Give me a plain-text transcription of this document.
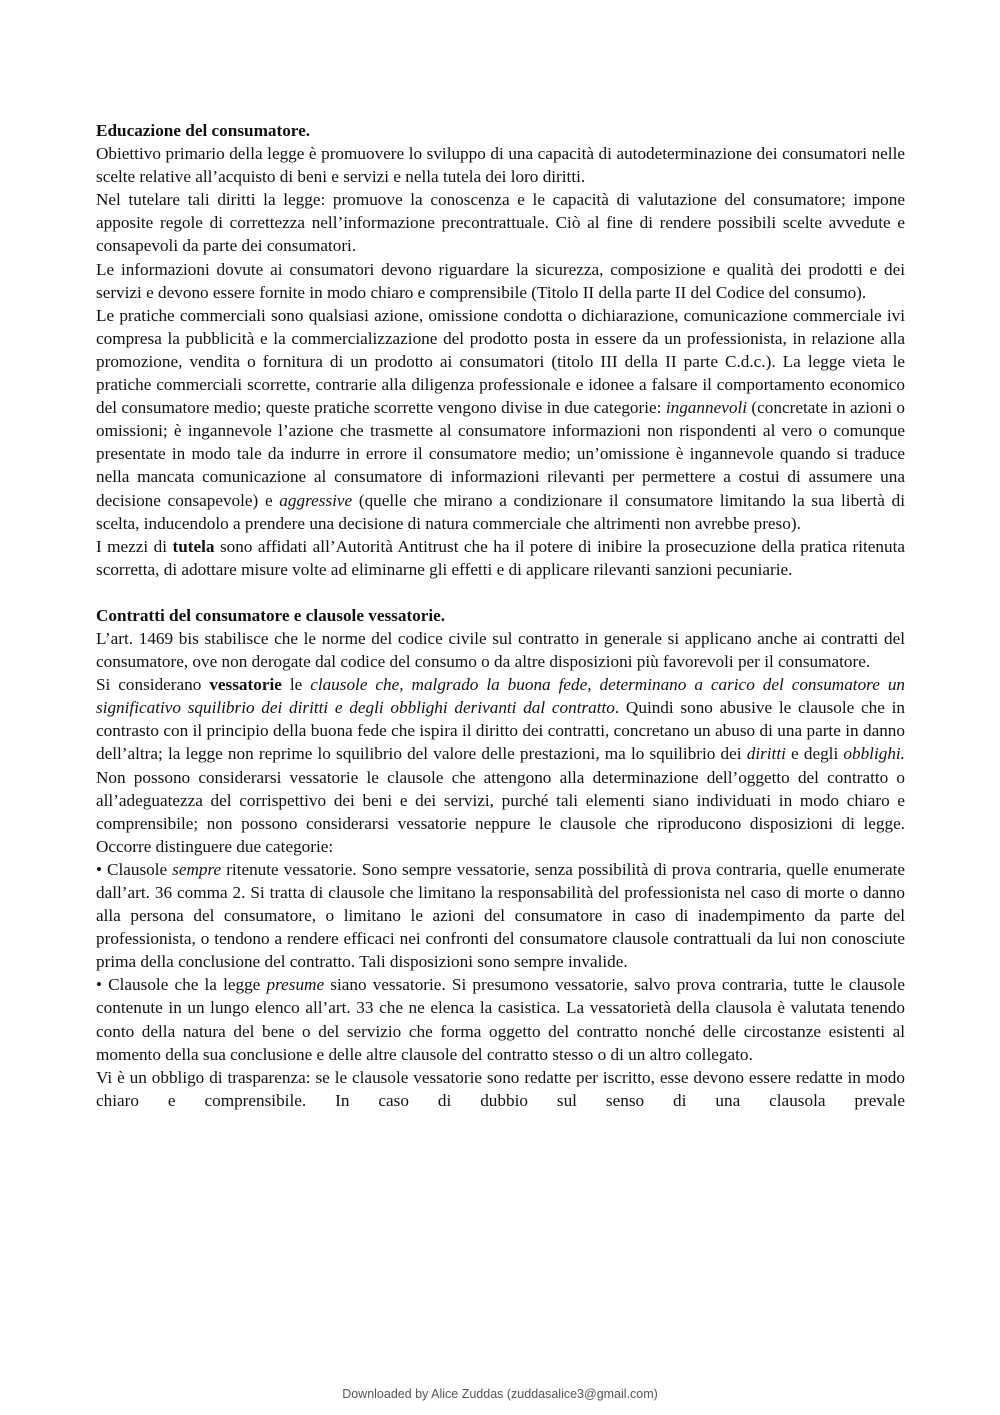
Educazione del consumatore.

Obiettivo primario della legge è promuovere lo sviluppo di una capacità di autodeterminazione dei consumatori nelle scelte relative all’acquisto di beni e servizi e nella tutela dei loro diritti.

Nel tutelare tali diritti la legge: promuove la conoscenza e le capacità di valutazione del consumatore; impone apposite regole di correttezza nell’informazione precontrattuale. Ciò al fine di rendere possibili scelte avvedute e consapevoli da parte dei consumatori.

Le informazioni dovute ai consumatori devono riguardare la sicurezza, composizione e qualità dei prodotti e dei servizi e devono essere fornite in modo chiaro e comprensibile (Titolo II della parte II del Codice del consumo).

Le pratiche commerciali sono qualsiasi azione, omissione condotta o dichiarazione, comunicazione commerciale ivi compresa la pubblicità e la commercializzazione del prodotto posta in essere da un professionista, in relazione alla promozione, vendita o fornitura di un prodotto ai consumatori (titolo III della II parte C.d.c.). La legge vieta le pratiche commerciali scorrette, contrarie alla diligenza professionale e idonee a falsare il comportamento economico del consumatore medio; queste pratiche scorrette vengono divise in due categorie: ingannevoli (concretate in azioni o omissioni; è ingannevole l’azione che trasmette al consumatore informazioni non rispondenti al vero o comunque presentate in modo tale da indurre in errore il consumatore medio; un’omissione è ingannevole quando si traduce nella mancata comunicazione al consumatore di informazioni rilevanti per permettere a costui di assumere una decisione consapevole) e aggressive (quelle che mirano a condizionare il consumatore limitando la sua libertà di scelta, inducendolo a prendere una decisione di natura commerciale che altrimenti non avrebbe preso).

I mezzi di tutela sono affidati all’Autorità Antitrust che ha il potere di inibire la prosecuzione della pratica ritenuta scorretta, di adottare misure volte ad eliminarne gli effetti e di applicare rilevanti sanzioni pecuniarie.

Contratti del consumatore e clausole vessatorie.

L’art. 1469 bis stabilisce che le norme del codice civile sul contratto in generale si applicano anche ai contratti del consumatore, ove non derogate dal codice del consumo o da altre disposizioni più favorevoli per il consumatore.

Si considerano vessatorie le clausole che, malgrado la buona fede, determinano a carico del consumatore un significativo squilibrio dei diritti e degli obblighi derivanti dal contratto. Quindi sono abusive le clausole che in contrasto con il principio della buona fede che ispira il diritto dei contratti, concretano un abuso di una parte in danno dell’altra; la legge non reprime lo squilibrio del valore delle prestazioni, ma lo squilibrio dei diritti e degli obblighi. Non possono considerarsi vessatorie le clausole che attengono alla determinazione dell’oggetto del contratto o all’adeguatezza del corrispettivo dei beni e dei servizi, purché tali elementi siano individuati in modo chiaro e comprensibile; non possono considerarsi vessatorie neppure le clausole che riproducono disposizioni di legge. Occorre distinguere due categorie:

• Clausole sempre ritenute vessatorie. Sono sempre vessatorie, senza possibilità di prova contraria, quelle enumerate dall’art. 36 comma 2. Si tratta di clausole che limitano la responsabilità del professionista nel caso di morte o danno alla persona del consumatore, o limitano le azioni del consumatore in caso di inadempimento da parte del professionista, o tendono a rendere efficaci nei confronti del consumatore clausole contrattuali da lui non conosciute prima della conclusione del contratto. Tali disposizioni sono sempre invalide.

• Clausole che la legge presume siano vessatorie. Si presumono vessatorie, salvo prova contraria, tutte le clausole contenute in un lungo elenco all’art. 33 che ne elenca la casistica. La vessatorietà della clausola è valutata tenendo conto della natura del bene o del servizio che forma oggetto del contratto nonché delle circostanze esistenti al momento della sua conclusione e delle altre clausole del contratto stesso o di un altro collegato.

Vi è un obbligo di trasparenza: se le clausole vessatorie sono redatte per iscritto, esse devono essere redatte in modo chiaro e comprensibile. In caso di dubbio sul senso di una clausola prevale

Downloaded by Alice Zuddas (zuddasalice3@gmail.com)
